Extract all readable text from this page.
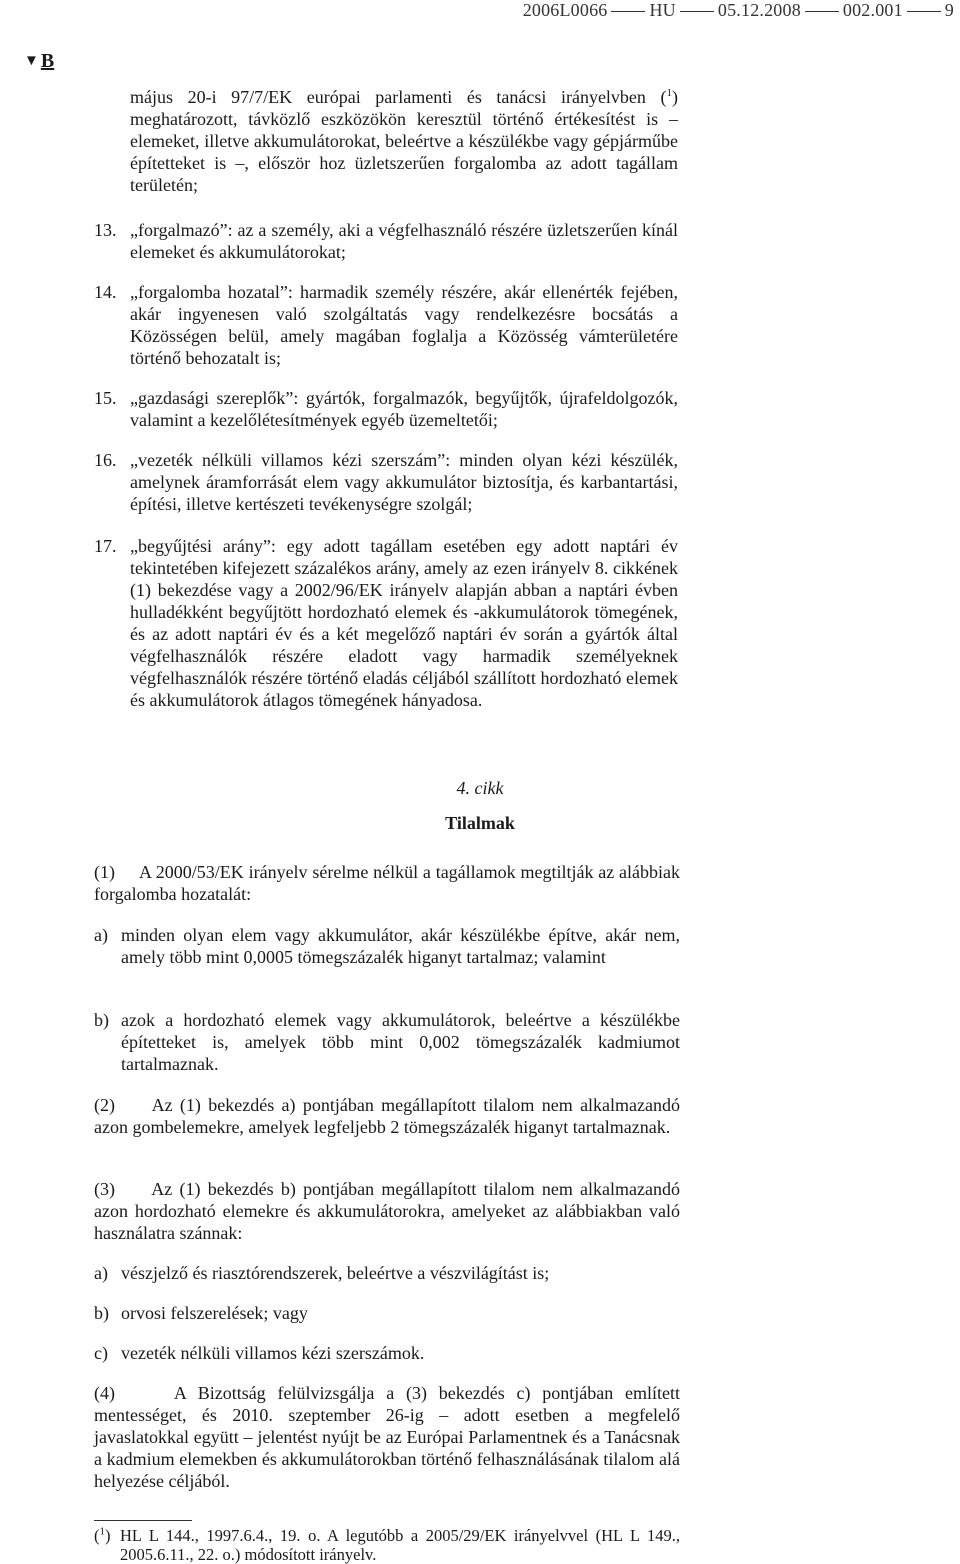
2006L0066 HU 05.12.2008 002.001 9
▼ B
május 20-i 97/7/EK európai parlamenti és tanácsi irányelvben ($^1$) meghatározott, távközlő eszközökön keresztül történő értékesítést is – elemeket, illetve akkumulátorokat, beleértve a készülékbe vagy gépjárműbe építetteket is –, először hoz üzletszerűen forgalomba az adott tagállam területén;
13. „forgalmazó”: az a személy, aki a végfelhasználó részére üzletszerűen kínál elemeket és akkumulátorokat;
14. „forgalomba hozatal”: harmadik személy részére, akár ellenérték fejében, akár ingyenesen való szolgáltatás vagy rendelkezésre bocsátás a Közösségen belül, amely magában foglalja a Közösség vámterületére történő behozatalt is;
15. „gazdasági szereplők”: gyártók, forgalmazók, begyűjtők, újrafeldolgozók, valamint a kezelőlétesítmények egyéb üzemeltetői;
16. „vezeték nélküli villamos kézi szerszám”: minden olyan kézi készülék, amelynek áramforrását elem vagy akkumulátor biztosítja, és karbantartási, építési, illetve kertészeti tevékenységre szolgál;
17. „begyűjtési arány”: egy adott tagállam esetében egy adott naptári év tekintetében kifejezett százalékos arány, amely az ezen irányelv 8. cikkének (1) bekezdése vagy a 2002/96/EK irányelv alapján abban a naptári évben hulladékként begyűjtött hordozható elemek és -akkumulátorok tömegének, és az adott naptári év és a két megelőző naptári év során a gyártók által végfelhasználók részére eladott vagy harmadik személyeknek végfelhasználók részére történő eladás céljából szállított hordozható elemek és akkumulátorok átlagos tömegének hányadosa.
4. cikk
Tilalmak
(1) A 2000/53/EK irányelv sérelme nélkül a tagállamok megtiltják az alábbiak forgalomba hozatalát:
a) minden olyan elem vagy akkumulátor, akár készülékbe építve, akár nem, amely több mint 0,0005 tömegszázalék higanyt tartalmaz; valamint
b) azok a hordozható elemek vagy akkumulátorok, beleértve a készülékbe építetteket is, amelyek több mint 0,002 tömegszázalék kadmiumot tartalmaznak.
(2) Az (1) bekezdés a) pontjában megállapított tilalom nem alkalmazandó azon gombelemekre, amelyek legfeljebb 2 tömegszázalék higanyt tartalmaznak.
(3) Az (1) bekezdés b) pontjában megállapított tilalom nem alkalmazandó azon hordozható elemekre és akkumulátorokra, amelyeket az alábbiakban való használatra szánnak:
a) vészjelző és riasztórendszerek, beleértve a vészvilágítást is;
b) orvosi felszerelések; vagy
c) vezeték nélküli villamos kézi szerszámok.
(4)	A Bizottság felülvizsgálja a (3) bekezdés c) pontjában említett mentességet, és 2010. szeptember 26-ig – adott esetben a megfelelő javaslatokkal együtt – jelentést nyújt be az Európai Parlamentnek és a Tanácsnak a kadmium elemekben és akkumulátorokban történő felhasználásának tilalom alá helyezése céljából.
($^1$) HL L 144., 1997.6.4., 19. o. A legutóbb a 2005/29/EK irányelvvel (HL L 149., 2005.6.11., 22. o.) módosított irányelv.
